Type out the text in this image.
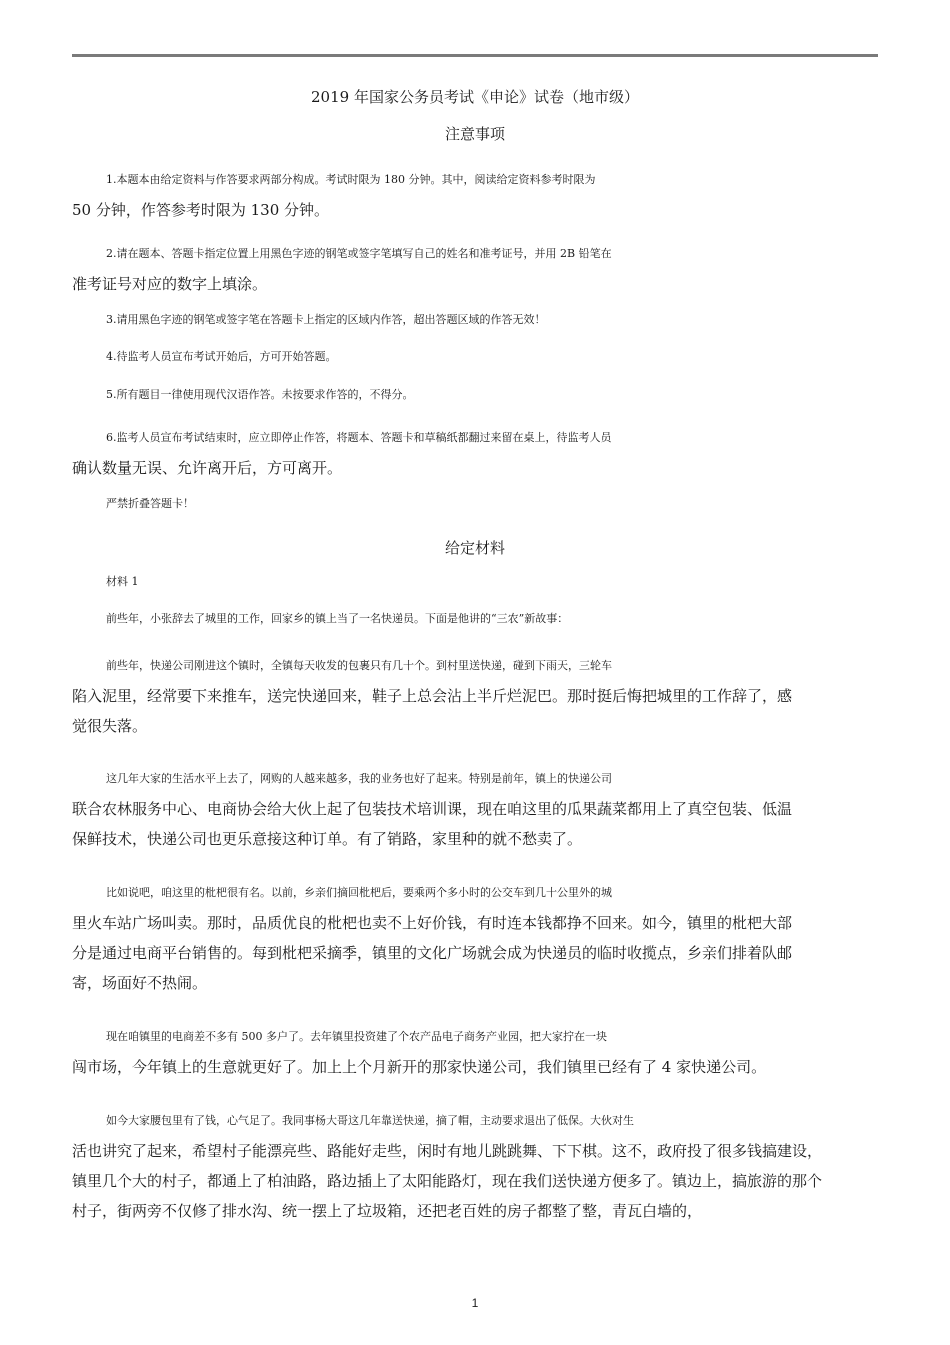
2019 年国家公务员考试《申论》试卷（地市级）
注意事项
1.本题本由给定资料与作答要求两部分构成。考试时限为 180 分钟。其中，阅读给定资料参考时限为
50 分钟，作答参考时限为 130 分钟。
2.请在题本、答题卡指定位置上用黑色字迹的钢笔或签字笔填写自己的姓名和准考证号，并用 2B 铅笔在
准考证号对应的数字上填涂。
3.请用黑色字迹的钢笔或签字笔在答题卡上指定的区域内作答，超出答题区域的作答无效！
4.待监考人员宣布考试开始后，方可开始答题。
5.所有题目一律使用现代汉语作答。未按要求作答的，不得分。
6.监考人员宣布考试结束时，应立即停止作答，将题本、答题卡和草稿纸都翻过来留在桌上，待监考人员
确认数量无误、允许离开后，方可离开。
严禁折叠答题卡！
给定材料
材料 1
前些年，小张辞去了城里的工作，回家乡的镇上当了一名快递员。下面是他讲的“三农”新故事：
前些年，快递公司刚进这个镇时，全镇每天收发的包裹只有几十个。到村里送快递，碰到下雨天，三轮车
陷入泥里，经常要下来推车，送完快递回来，鞋子上总会沾上半斤烂泥巴。那时挺后悔把城里的工作辞了，感
觉很失落。
这几年大家的生活水平上去了，网购的人越来越多，我的业务也好了起来。特别是前年，镇上的快递公司
联合农林服务中心、电商协会给大伙上起了包装技术培训课，现在咱这里的瓜果蔬菜都用上了真空包装、低温
保鲜技术，快递公司也更乐意接这种订单。有了销路，家里种的就不愁卖了。
比如说吧，咱这里的枇杷很有名。以前，乡亲们摘回枇杷后，要乘两个多小时的公交车到几十公里外的城
里火车站广场叫卖。那时，品质优良的枇杷也卖不上好价钱，有时连本钱都挣不回来。如今，镇里的枇杷大部
分是通过电商平台销售的。每到枇杷采摘季，镇里的文化广场就会成为快递员的临时收揽点，乡亲们排着队邮
寄，场面好不热闹。
现在咱镇里的电商差不多有 500 多户了。去年镇里投资建了个农产品电子商务产业园，把大家拧在一块
闯市场，今年镇上的生意就更好了。加上上个月新开的那家快递公司，我们镇里已经有了 4 家快递公司。
如今大家腰包里有了钱，心气足了。我同事杨大哥这几年靠送快递，摘了帽，主动要求退出了低保。大伙对生
活也讲究了起来，希望村子能漂亮些、路能好走些，闲时有地儿跳跳舞、下下棋。这不，政府投了很多钱搞建设，
镇里几个大的村子，都通上了柏油路，路边插上了太阳能路灯，现在我们送快递方便多了。镇边上，搞旅游的那个
村子，街两旁不仅修了排水沟、统一摆上了垃圾箱，还把老百姓的房子都整了整，青瓦白墙的，
1
